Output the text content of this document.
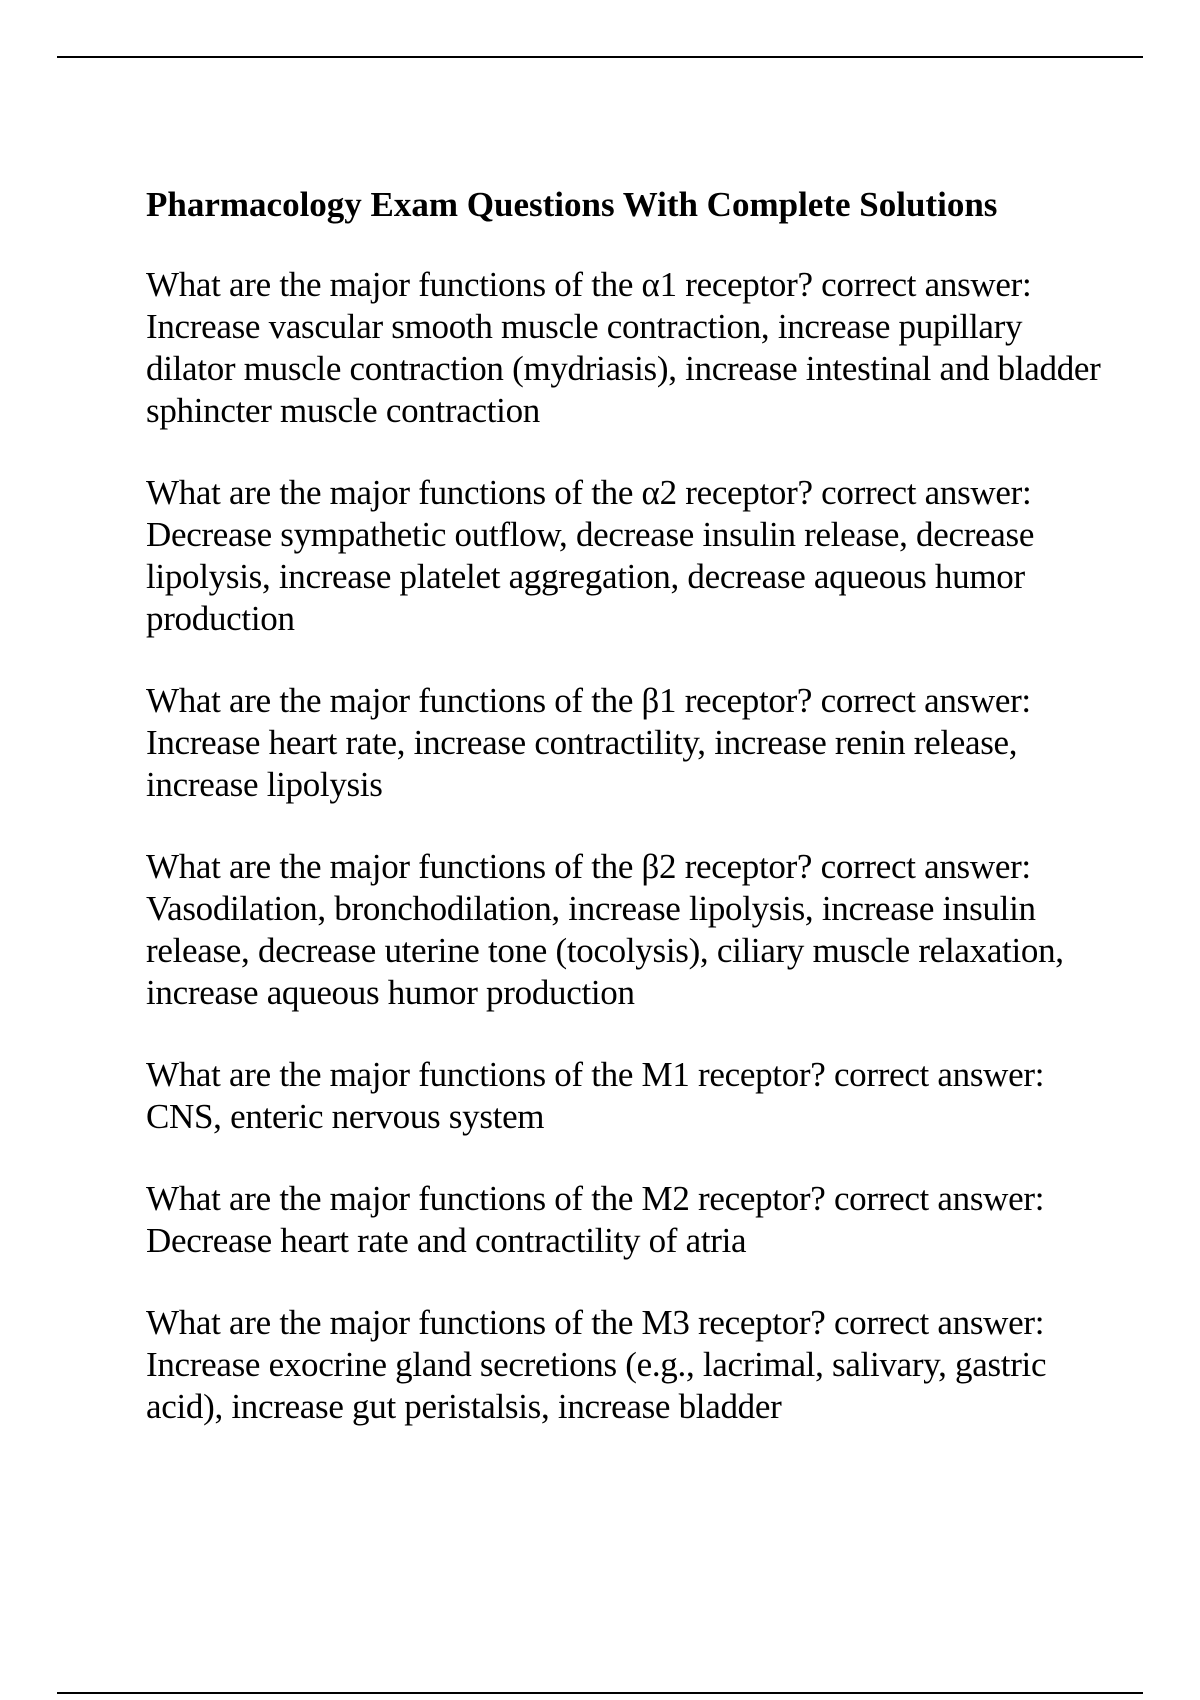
Pharmacology Exam Questions With Complete Solutions

What are the major functions of the α1 receptor? correct answer: Increase vascular smooth muscle contraction, increase pupillary dilator muscle contraction (mydriasis), increase intestinal and bladder sphincter muscle contraction

What are the major functions of the α2 receptor? correct answer: Decrease sympathetic outflow, decrease insulin release, decrease lipolysis, increase platelet aggregation, decrease aqueous humor production

What are the major functions of the β1 receptor? correct answer: Increase heart rate, increase contractility, increase renin release, increase lipolysis

What are the major functions of the β2 receptor? correct answer: Vasodilation, bronchodilation, increase lipolysis, increase insulin release, decrease uterine tone (tocolysis), ciliary muscle relaxation, increase aqueous humor production

What are the major functions of the M1 receptor? correct answer: CNS, enteric nervous system

What are the major functions of the M2 receptor? correct answer: Decrease heart rate and contractility of atria

What are the major functions of the M3 receptor? correct answer: Increase exocrine gland secretions (e.g., lacrimal, salivary, gastric acid), increase gut peristalsis, increase bladder
